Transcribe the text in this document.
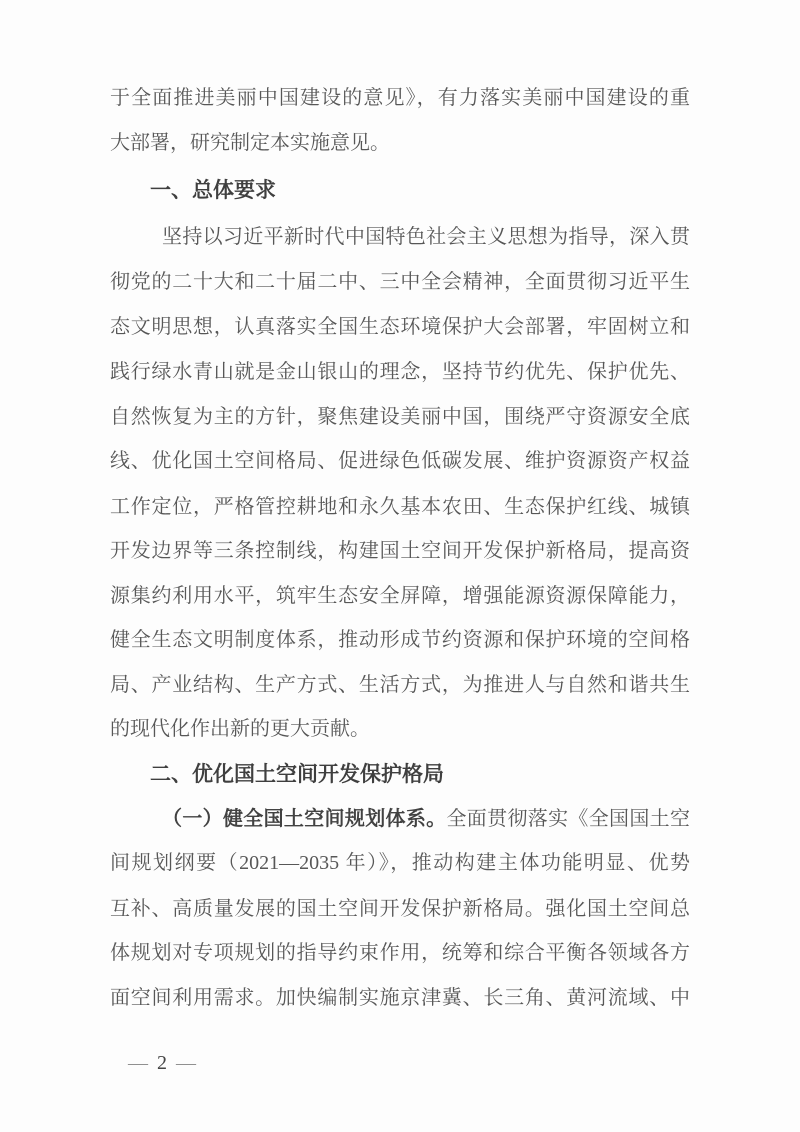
于全面推进美丽中国建设的意见》，有力落实美丽中国建设的重
大部署，研究制定本实施意见。
一、总体要求
坚持以习近平新时代中国特色社会主义思想为指导，深入贯
彻党的二十大和二十届二中、三中全会精神，全面贯彻习近平生
态文明思想，认真落实全国生态环境保护大会部署，牢固树立和
践行绿水青山就是金山银山的理念，坚持节约优先、保护优先、
自然恢复为主的方针，聚焦建设美丽中国，围绕严守资源安全底
线、优化国土空间格局、促进绿色低碳发展、维护资源资产权益
工作定位，严格管控耕地和永久基本农田、生态保护红线、城镇
开发边界等三条控制线，构建国土空间开发保护新格局，提高资
源集约利用水平，筑牢生态安全屏障，增强能源资源保障能力，
健全生态文明制度体系，推动形成节约资源和保护环境的空间格
局、产业结构、生产方式、生活方式，为推进人与自然和谐共生
的现代化作出新的更大贡献。
二、优化国土空间开发保护格局
（一）健全国土空间规划体系。全面贯彻落实《全国国土空
间规划纲要（2021—2035 年）》，推动构建主体功能明显、优势
互补、高质量发展的国土空间开发保护新格局。强化国土空间总
体规划对专项规划的指导约束作用，统筹和综合平衡各领域各方
面空间利用需求。加快编制实施京津冀、长三角、黄河流域、中
— 2 —
